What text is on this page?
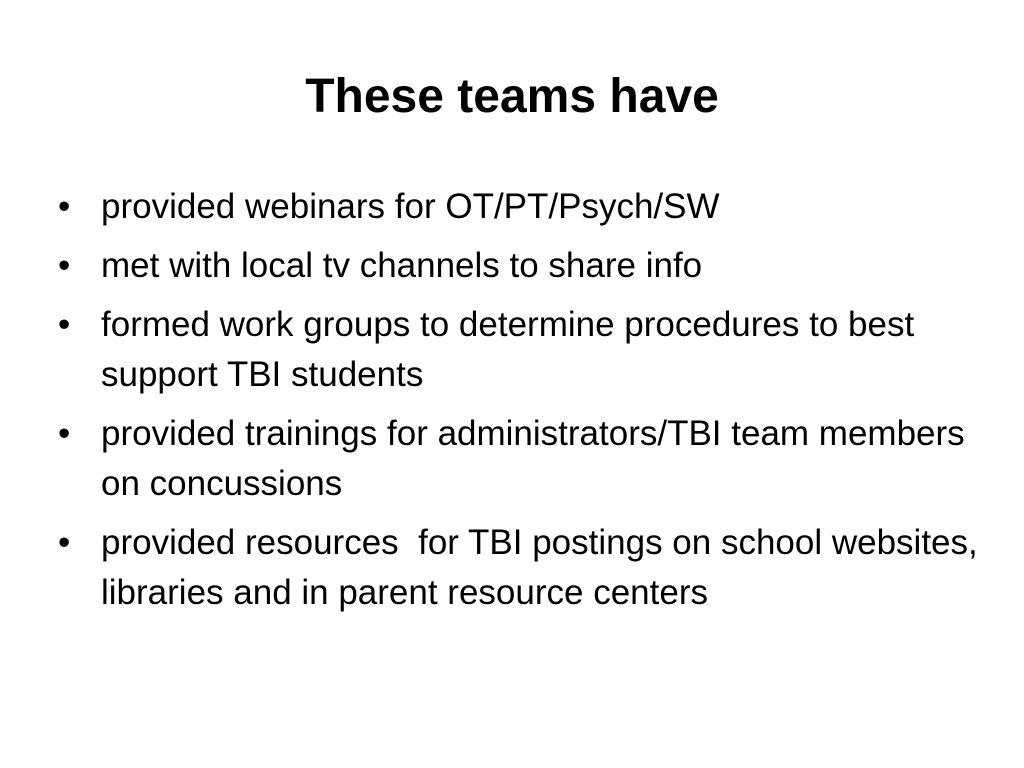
These teams have
• provided webinars for OT/PT/Psych/SW
• met with local tv channels to share info
• formed work groups to determine procedures to best support TBI students
• provided trainings for administrators/TBI team members on concussions
• provided resources  for TBI postings on school websites, libraries and in parent resource centers
